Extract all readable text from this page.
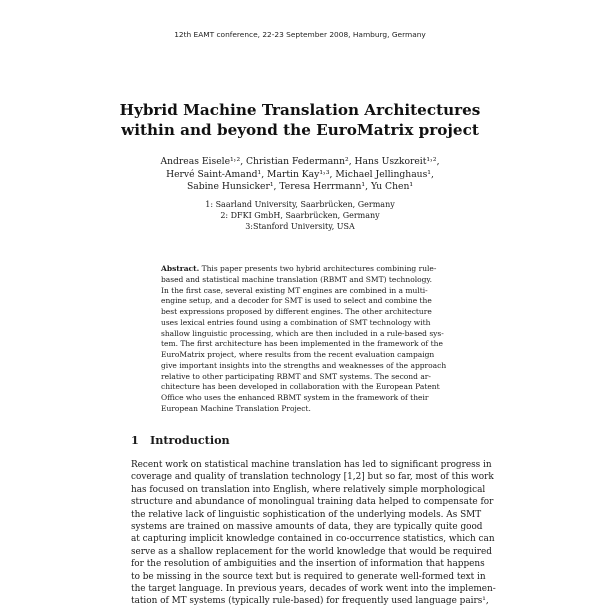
12th EAMT conference, 22-23 September 2008, Hamburg, Germany
Hybrid Machine Translation Architectures
within and beyond the EuroMatrix project
Andreas Eisele¹˒², Christian Federmann², Hans Uszkoreit¹˒²,
Hervé Saint-Amand¹, Martin Kay¹˒³, Michael Jellinghaus¹,
Sabine Hunsicker¹, Teresa Herrmann¹, Yu Chen¹
1: Saarland University, Saarbrücken, Germany
2: DFKI GmbH, Saarbrücken, Germany
3:Stanford University, USA
Abstract. This paper presents two hybrid architectures combining rule-
based and statistical machine translation (RBMT and SMT) technology.
In the first case, several existing MT engines are combined in a multi-
engine setup, and a decoder for SMT is used to select and combine the
best expressions proposed by different engines. The other architecture
uses lexical entries found using a combination of SMT technology with
shallow linguistic processing, which are then included in a rule-based sys-
tem. The first architecture has been implemented in the framework of the
EuroMatrix project, where results from the recent evaluation campaign
give important insights into the strengths and weaknesses of the approach
relative to other participating RBMT and SMT systems. The second ar-
chitecture has been developed in collaboration with the European Patent
Office who uses the enhanced RBMT system in the framework of their
European Machine Translation Project.
1 Introduction
Recent work on statistical machine translation has led to significant progress in
coverage and quality of translation technology [1,2] but so far, most of this work
has focused on translation into English, where relatively simple morphological
structure and abundance of monolingual training data helped to compensate for
the relative lack of linguistic sophistication of the underlying models. As SMT
systems are trained on massive amounts of data, they are typically quite good
at capturing implicit knowledge contained in co-occurrence statistics, which can
serve as a shallow replacement for the world knowledge that would be required
for the resolution of ambiguities and the insertion of information that happens
to be missing in the source text but is required to generate well-formed text in
the target language. In previous years, decades of work went into the implemen-
tation of MT systems (typically rule-based) for frequently used language pairs¹,
